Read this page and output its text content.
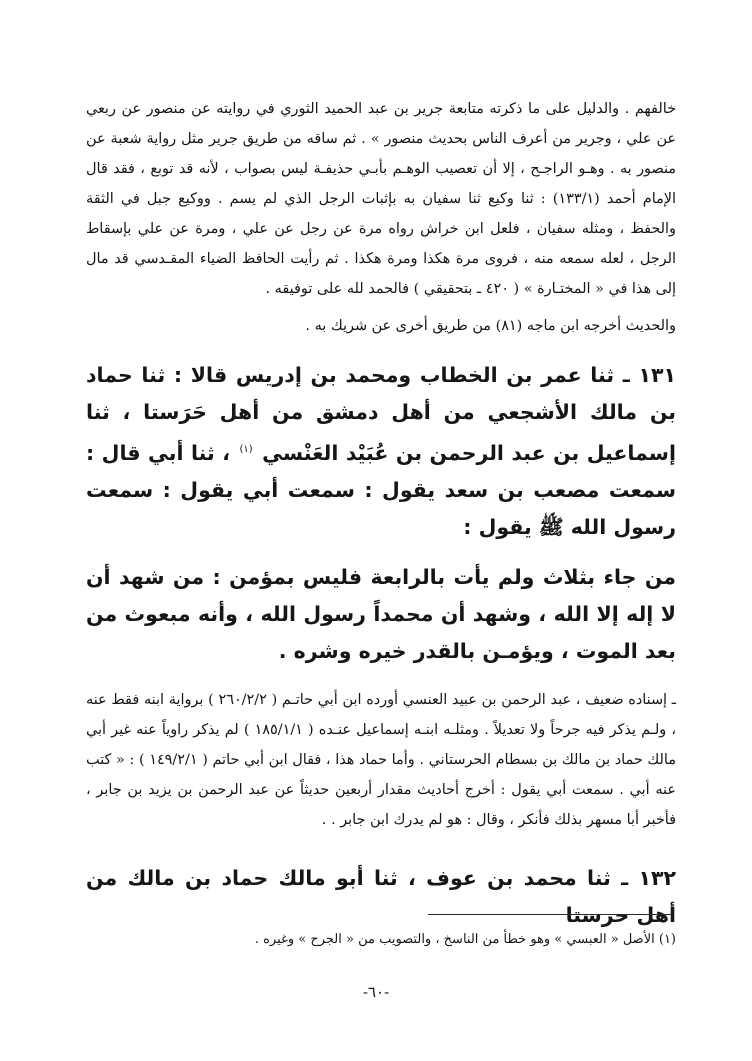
خالفهم . والدليل على ما ذكرته متابعة جرير بن عبد الحميد الثوري في روايته عن منصور عن ربعي عن علي ، وجرير من أعرف الناس بحديث منصور » . ثم ساقه من طريق جرير مثل رواية شعبة عن منصور به . وهـو الراجـح ، إلا أن تعصيب الوهـم بأبـي حذيفـة ليس بصواب ، لأنه قد توبع ، فقد قال الإمام أحمد (١٣٣/١) : ثنا وكيع ثنا سفيان به بإثبات الرجل الذي لم يسم . ووكيع جبل في الثقة والحفظ ، ومثله سفيان ، فلعل ابن خراش رواه مرة عن رجل عن علي ، ومرة عن علي بإسقاط الرجل ، لعله سمعه منه ، فروى مرة هكذا ومرة هكذا . ثم رأيت الحافظ الضياء المقـدسي قد مال إلى هذا في « المختـارة » ( ٤٢٠ ـ بتحقيقي ) فالحمد لله على توفيقه .

والحديث أخرجه ابن ماجه (٨١) من طريق أخرى عن شريك به .

١٣١ ـ ثنا عمر بن الخطاب ومحمد بن إدريس قالا : ثنا حماد بن مالك الأشجعي من أهل دمشق من أهل حَرَستا ، ثنا إسماعيل بن عبد الرحمن بن عُبَيْد العَنْسي $^{(١)}$ ، ثنا أبي قال : سمعت مصعب بن سعد يقول : سمعت أبي يقول : سمعت رسول الله ﷺ يقول :

من جاء بثلاث ولم يأت بالرابعة فليس بمؤمن : من شهد أن لا إله إلا الله ، وشهد أن محمداً رسول الله ، وأنه مبعوث من بعد الموت ، ويؤمـن بالقدر خيره وشره .

ـ إسناده ضعيف ، عبد الرحمن بن عبيد العنسي أورده ابن أبي حاتـم ( ٢٦٠/٢/٢ ) برواية ابنه فقط عنه ، ولـم يذكر فيه جرحاً ولا تعديلاً . ومثلـه ابنـه إسماعيل عنـده ( ١٨٥/١/١ ) لم يذكر راوياً عنه غير أبي مالك حماد بن مالك بن بسطام الحرستاني . وأما حماد هذا ، فقال ابن أبي حاتم ( ١٤٩/٢/١ ) : « كتب عنه أبي . سمعت أبي يقول : أخرج أحاديث مقدار أربعين حديثاً عن عبد الرحمن بن يزيد بن جابر ، فأخبر أبا مسهر بذلك فأنكر ، وقال : هو لم يدرك ابن جابر . .

١٣٢ ـ ثنا محمد بن عوف ، ثنا أبو مالك حماد بن مالك من أهل حرستا

(١) الأصل « العبسي » وهو خطأ من الناسخ ، والتصويب من « الجرح » وغيره .
-٦٠-
